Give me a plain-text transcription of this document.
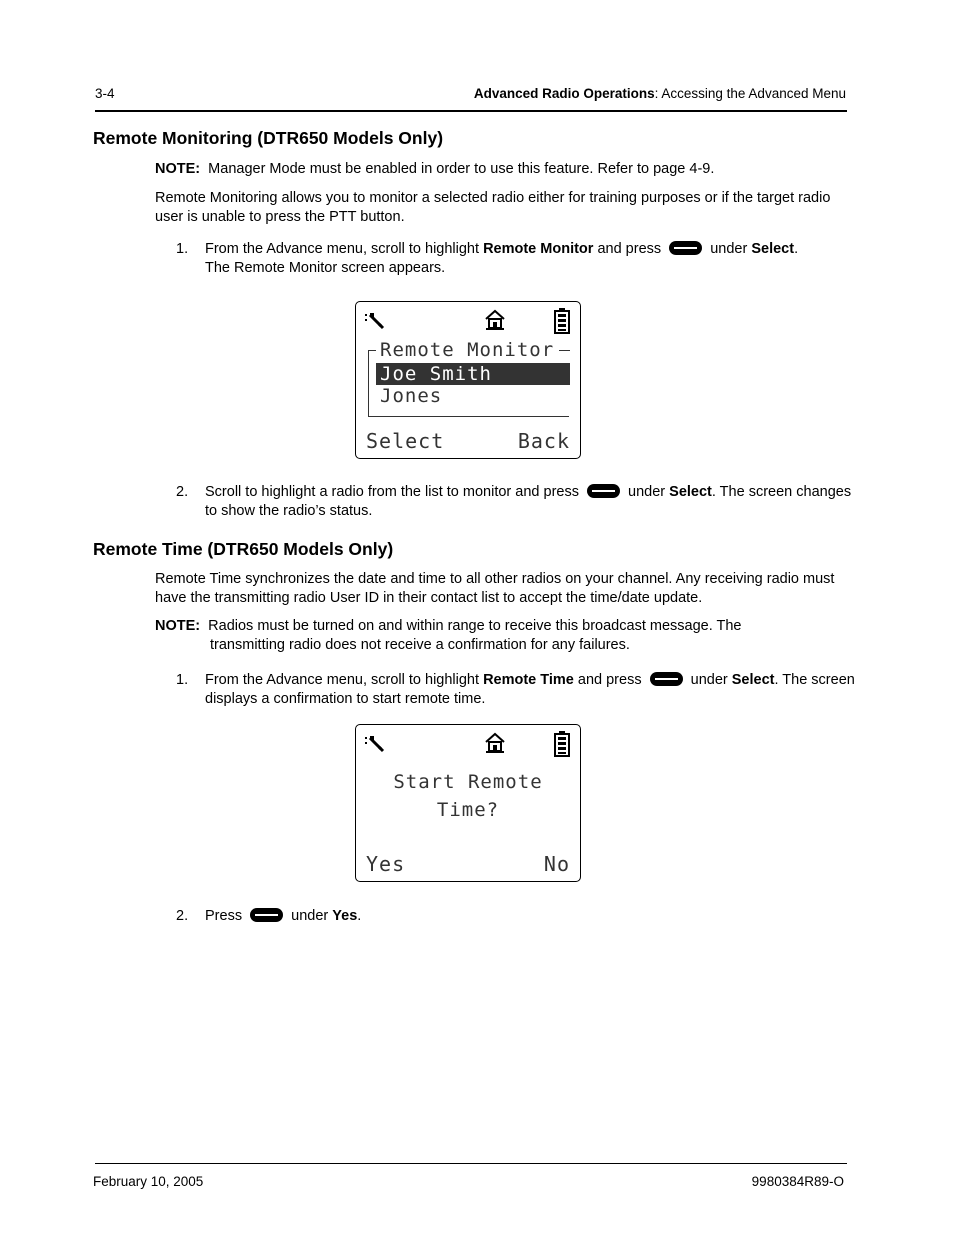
3-4	Advanced Radio Operations: Accessing the Advanced Menu
Remote Monitoring (DTR650 Models Only)
NOTE: Manager Mode must be enabled in order to use this feature. Refer to page 4-9.
Remote Monitoring allows you to monitor a selected radio either for training purposes or if the target radio user is unable to press the PTT button.
1. From the Advance menu, scroll to highlight Remote Monitor and press	under Select.
The Remote Monitor screen appears.
Remote Monitor
Joe Smith
Jones
Select	Back
2. Scroll to highlight a radio from the list to monitor and press	under Select. The screen changes to show the radio’s status.
Remote Time (DTR650 Models Only)
Remote Time synchronizes the date and time to all other radios on your channel. Any receiving radio must have the transmitting radio User ID in their contact list to accept the time/date update.
NOTE: Radios must be turned on and within range to receive this broadcast message. The
transmitting radio does not receive a confirmation for any failures.
1. From the Advance menu, scroll to highlight Remote Time and press	under Select. The screen displays a confirmation to start remote time.
Start Remote
Time?
Yes	No
2. Press	under Yes.
February 10, 2005	9980384R89-O
